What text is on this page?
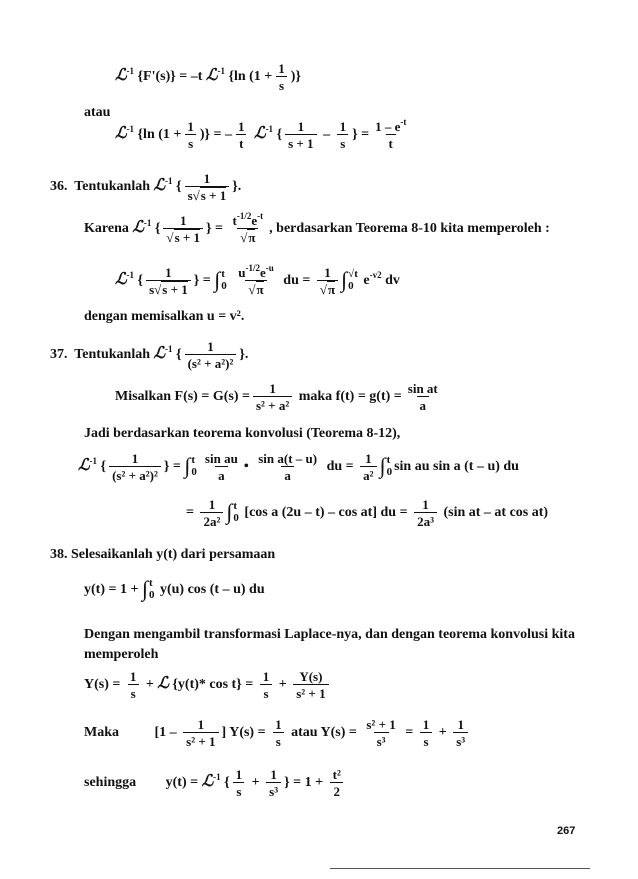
ℒ$^{-1}$ {F'(s)} = –t ℒ$^{-1}$ {ln ($1 + \frac{1}{s}$ )}
atau
ℒ$^{-1}$ {ln ($1 + \frac{1}{s}$ )} = – $\frac{1}{t}$ ℒ$^{-1}$ { $\frac{1}{s + 1} - \frac{1}{s}$ } = $\frac{1 - e^{-t}}{t}$
36. Tentukanlah ℒ$^{-1}$ { $\frac{1}{s√s + 1}$ }.
Karena ℒ$^{-1}$ { $\frac{1}{√s + 1}$ } = $\frac{t^{-1/2}e^{-t}}{√\pi}$ , berdasarkan Teorema 8-10 kita memperoleh :
ℒ$^{-1}$ { $\frac{1}{s√s + 1}$ } = ∫ t
0
$\frac{u^{-1/2}e^{-u}}{√\pi}$ du = $\frac{1}{√\pi}$ ∫ √t
0 $e^{-v2}$ dv
dengan memisalkan u = v².
37. Tentukanlah ℒ$^{-1}$ { $\frac{1}{\text{(s² + a²)²}}$ }.
Misalkan $F(s) = G(s) = \frac{1}{\text{s² + a²}}$ maka $f(t) = g(t) = \frac{\text{sin at}}{a}$
Jadi berdasarkan teorema konvolusi (Teorema 8-12),
ℒ$^{-1}$ { $\frac{1}{\text{(s² + a²)²}}$ } = ∫ t
$0 \frac{\text{sin au}}{a}$ • $\frac{\text{sin a(t – u)}}{a}$ du = $\frac{1}{\text{a²}}$ ∫ t
0 sin au sin a (t – u) du
= $\frac{1}{\text{2a²}}$ ∫ t
0 [cos a (2u – t) – cos at] du = $\frac{1}{\text{2a³}} (\sin$ at – at cos at)
38. Selesaikanlah y(t) dari persamaan
y(t) = 1 + ∫ t
0 y(u) cos (t – u) du
Dengan mengambil transformasi Laplace-nya, dan dengan teorema konvolusi kita
memperoleh
$Y(s) = \frac{1}{s}$ + ℒ {y(t)* $\cos t\} = \frac{1}{s} + \frac{Y(s)}{\text{s² + 1}}$
Maka	[$1 - \frac{1}{\text{s² + 1}}$ ] $Y(s) = \frac{1}{s}$ atau $Y(s) = \frac{\text{s² + 1}}{\text{s³}} = \frac{1}{s} + \frac{1}{\text{s³}}$
sehingga y(t) = ℒ$^{-1}$ { $\frac{1}{s} + \frac{1}{\text{s³}}$ } = $1 + \frac{\text{t²}}{2}$
267
